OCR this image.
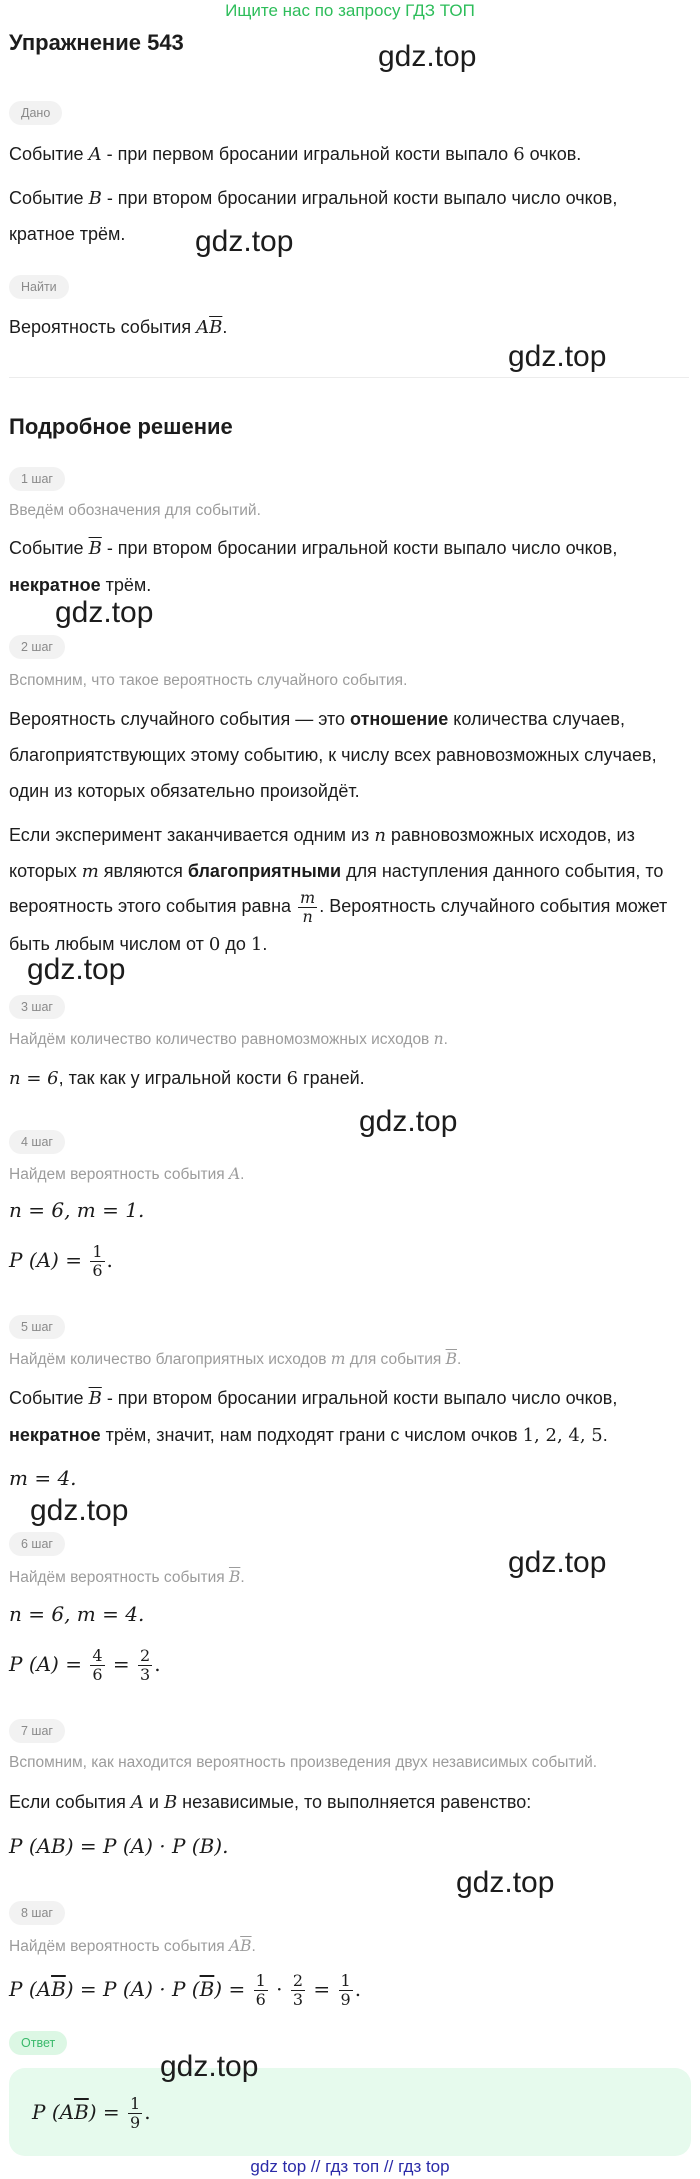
Ищите нас по запросу ГДЗ ТОП
Упражнение 543
Дано
Событие A - при первом бросании игральной кости выпало 6 очков.
Событие B - при втором бросании игральной кости выпало число очков,
кратное трём.
Найти
Вероятность события $A\overline{B}$.
Подробное решение
1 шаг
Введём обозначения для событий.
Событие $\overline{B}$ - при втором бросании игральной кости выпало число очков,
некратное трём.
2 шаг
Вспомним, что такое вероятность случайного события.
Вероятность случайного события — это отношение количества случаев,
благоприятствующих этому событию, к числу всех равновозможных случаев,
один из которых обязательно произойдёт.
Если эксперимент заканчивается одним из n равновозможных исходов, из
которых m являются благоприятными для наступления данного события, то
вероятность этого события равна $\frac{m}{n}$ . Вероятность случайного события может
быть любым числом от 0 до 1.
3 шаг
Найдём количество количество равномозможных исходов n.
n = 6, так как у игральной кости 6 граней.
4 шаг
Найдем вероятность события A.
n = 6, m = 1.
P $(A) = \frac{1}{6}$ .
5 шаг
Найдём количество благоприятных исходов m для события $\overline{B}$.
Событие $\overline{B}$ - при втором бросании игральной кости выпало число очков,
некратное трём, значит, нам подходят грани с числом очков 1, 2, 4, 5.
m = 4.
6 шаг
Найдём вероятность события $\overline{B}$.
n = 6, m = 4.
P $(A) = \frac{4}{6} = \frac{2}{3}$ .
7 шаг
Вспомним, как находится вероятность произведения двух независимых событий.
Если события A и B независимые, то выполняется равенство:
P (AB) = P (A) · P (B).
8 шаг
Найдём вероятность события $A\overline{B}$.
P $(A\overline{B}) = P$ (A) · P $(\overline{B}) = \frac{1}{6} \cdot \frac{2}{3} = \frac{1}{9}$ .
Ответ
P $(A\overline{B}) = \frac{1}{9}$ .
gdz.top
gdz.top
gdz.top
gdz.top
gdz.top
gdz.top
gdz.top
gdz.top
gdz.top
gdz.top
gdz top // гдз топ // гдз top
